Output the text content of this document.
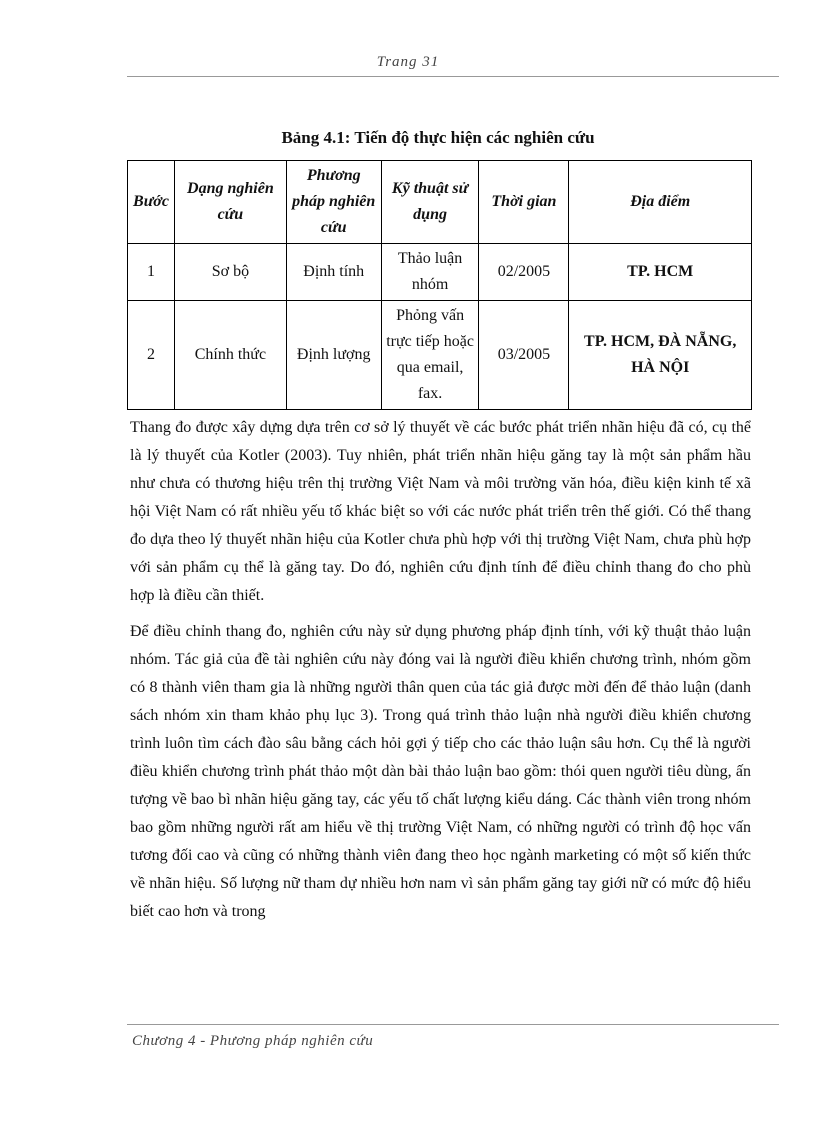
Trang 31
Bảng 4.1: Tiến độ thực hiện các nghiên cứu
Bước	Dạng nghiên cứu	Phương pháp nghiên cứu	Kỹ thuật sử dụng	Thời gian	Địa điểm
1	Sơ bộ	Định tính	Thảo luận nhóm	02/2005	TP. HCM
2	Chính thức	Định lượng	Phỏng vấn trực tiếp hoặc qua email, fax.	03/2005	TP. HCM, ĐÀ NẴNG, HÀ NỘI

Thang đo được xây dựng dựa trên cơ sở lý thuyết về các bước phát triển nhãn hiệu đã có, cụ thể là lý thuyết của Kotler (2003). Tuy nhiên, phát triển nhãn hiệu găng tay là một sản phẩm hầu như chưa có thương hiệu trên thị trường Việt Nam và môi trường văn hóa, điều kiện kinh tế xã hội Việt Nam có rất nhiều yếu tố khác biệt so với các nước phát triển trên thế giới. Có thể thang đo dựa theo lý thuyết nhãn hiệu của Kotler chưa phù hợp với thị trường Việt Nam, chưa phù hợp với sản phẩm cụ thể là găng tay. Do đó, nghiên cứu định tính để điều chỉnh thang đo cho phù hợp là điều cần thiết.

Để điều chỉnh thang đo, nghiên cứu này sử dụng phương pháp định tính, với kỹ thuật thảo luận nhóm. Tác giả của đề tài nghiên cứu này đóng vai là người điều khiển chương trình, nhóm gồm có 8 thành viên tham gia là những người thân quen của tác giả được mời đến để thảo luận (danh sách nhóm xin tham khảo phụ lục 3). Trong quá trình thảo luận nhà người điều khiển chương trình luôn tìm cách đào sâu bằng cách hỏi gợi ý tiếp cho các thảo luận sâu hơn. Cụ thể là người điều khiển chương trình phát thảo một dàn bài thảo luận bao gồm: thói quen người tiêu dùng, ấn tượng về bao bì nhãn hiệu găng tay, các yếu tố chất lượng kiểu dáng. Các thành viên trong nhóm bao gồm những người rất am hiểu về thị trường Việt Nam, có những người có trình độ học vấn tương đối cao và cũng có những thành viên đang theo học ngành marketing có một số kiến thức về nhãn hiệu. Số lượng nữ tham dự nhiều hơn nam vì sản phẩm găng tay giới nữ có mức độ hiểu biết cao hơn và trong

Chương 4 - Phương pháp nghiên cứu
